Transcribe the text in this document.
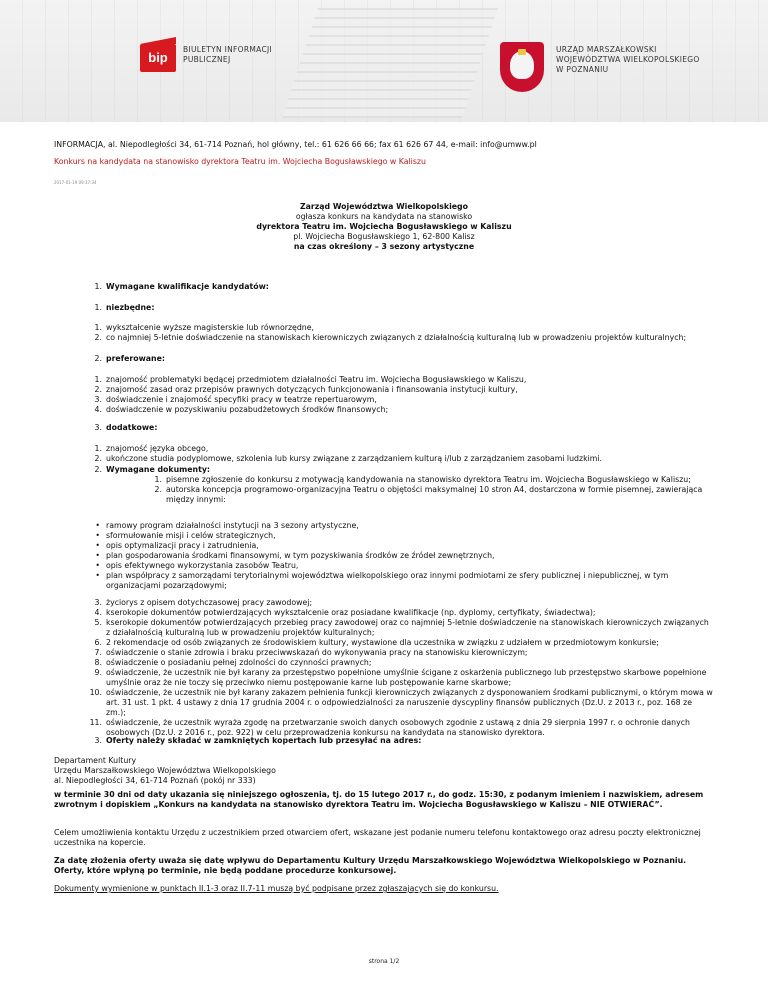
bip
BIULETYN INFORMACJI
PUBLICZNEJ
URZĄD MARSZAŁKOWSKI
WOJEWÓDZTWA WIELKOPOLSKIEGO
W POZNANIU
INFORMACJA, al. Niepodległości 34, 61-714 Poznań, hol główny, tel.: 61 626 66 66; fax 61 626 67 44, e-mail: info@umww.pl
Konkurs na kandydata na stanowisko dyrektora Teatru im. Wojciecha Bogusławskiego w Kaliszu
2017-01-19 09:37:34
Zarząd Województwa Wielkopolskiego
ogłasza konkurs na kandydata na stanowisko
dyrektora Teatru im. Wojciecha Bogusławskiego w Kaliszu
pl. Wojciecha Bogusławskiego 1, 62-800 Kalisz
na czas określony – 3 sezony artystyczne
1. Wymagane kwalifikacje kandydatów:
1. niezbędne:
1. wykształcenie wyższe magisterskie lub równorzędne,
2. co najmniej 5-letnie doświadczenie na stanowiskach kierowniczych związanych z działalnością kulturalną lub w prowadzeniu projektów kulturalnych;
2. preferowane:
1. znajomość problematyki będącej przedmiotem działalności Teatru im. Wojciecha Bogusławskiego w Kaliszu,
2. znajomość zasad oraz przepisów prawnych dotyczących funkcjonowania i finansowania instytucji kultury,
3. doświadczenie i znajomość specyfiki pracy w teatrze repertuarowym,
4. doświadczenie w pozyskiwaniu pozabudżetowych środków finansowych;
3. dodatkowe:
1. znajomość języka obcego,
2. ukończone studia podyplomowe, szkolenia lub kursy związane z zarządzaniem kulturą i/lub z zarządzaniem zasobami ludzkimi.
2. Wymagane dokumenty:
1. pisemne zgłoszenie do konkursu z motywacją kandydowania na stanowisko dyrektora Teatru im. Wojciecha Bogusławskiego w Kaliszu;
2. autorska koncepcja programowo-organizacyjna Teatru o objętości maksymalnej 10 stron A4, dostarczona w formie pisemnej, zawierająca między innymi:
• ramowy program działalności instytucji na 3 sezony artystyczne,
• sformułowanie misji i celów strategicznych,
• opis optymalizacji pracy i zatrudnienia,
• plan gospodarowania środkami finansowymi, w tym pozyskiwania środków ze źródeł zewnętrznych,
• opis efektywnego wykorzystania zasobów Teatru,
• plan współpracy z samorządami terytorialnymi województwa wielkopolskiego oraz innymi podmiotami ze sfery publicznej i niepublicznej, w tym organizacjami pozarządowymi;
3. życiorys z opisem dotychczasowej pracy zawodowej;
4. kserokopie dokumentów potwierdzających wykształcenie oraz posiadane kwalifikacje (np. dyplomy, certyfikaty, świadectwa);
5. kserokopie dokumentów potwierdzających przebieg pracy zawodowej oraz co najmniej 5-letnie doświadczenie na stanowiskach kierowniczych związanych z działalnością kulturalną lub w prowadzeniu projektów kulturalnych;
6. 2 rekomendacje od osób związanych ze środowiskiem kultury, wystawione dla uczestnika w związku z udziałem w przedmiotowym konkursie;
7. oświadczenie o stanie zdrowia i braku przeciwwskazań do wykonywania pracy na stanowisku kierowniczym;
8. oświadczenie o posiadaniu pełnej zdolności do czynności prawnych;
9. oświadczenie, że uczestnik nie był karany za przestępstwo popełnione umyślnie ścigane z oskarżenia publicznego lub przestępstwo skarbowe popełnione umyślnie oraz że nie toczy się przeciwko niemu postępowanie karne lub postępowanie karne skarbowe;
10. oświadczenie, że uczestnik nie był karany zakazem pełnienia funkcji kierowniczych związanych z dysponowaniem środkami publicznymi, o którym mowa w art. 31 ust. 1 pkt. 4 ustawy z dnia 17 grudnia 2004 r. o odpowiedzialności za naruszenie dyscypliny finansów publicznych (Dz.U. z 2013 r., poz. 168 ze zm.);
11. oświadczenie, że uczestnik wyraża zgodę na przetwarzanie swoich danych osobowych zgodnie z ustawą z dnia 29 sierpnia 1997 r. o ochronie danych osobowych (Dz.U. z 2016 r., poz. 922) w celu przeprowadzenia konkursu na kandydata na stanowisko dyrektora.
3. Oferty należy składać w zamkniętych kopertach lub przesyłać na adres:
Departament Kultury
Urzędu Marszałkowskiego Województwa Wielkopolskiego
al. Niepodległości 34, 61-714 Poznań (pokój nr 333)
w terminie 30 dni od daty ukazania się niniejszego ogłoszenia, tj. do 15 lutego 2017 r., do godz. 15:30, z podanym imieniem i nazwiskiem, adresem zwrotnym i dopiskiem „Konkurs na kandydata na stanowisko dyrektora Teatru im. Wojciecha Bogusławskiego w Kaliszu – NIE OTWIERAĆ”.
Celem umożliwienia kontaktu Urzędu z uczestnikiem przed otwarciem ofert, wskazane jest podanie numeru telefonu kontaktowego oraz adresu poczty elektronicznej uczestnika na kopercie.
Za datę złożenia oferty uważa się datę wpływu do Departamentu Kultury Urzędu Marszałkowskiego Województwa Wielkopolskiego w Poznaniu. Oferty, które wpłyną po terminie, nie będą poddane procedurze konkursowej.
Dokumenty wymienione w punktach II.1-3 oraz II.7-11 muszą być podpisane przez zgłaszających się do konkursu.
strona 1/2
